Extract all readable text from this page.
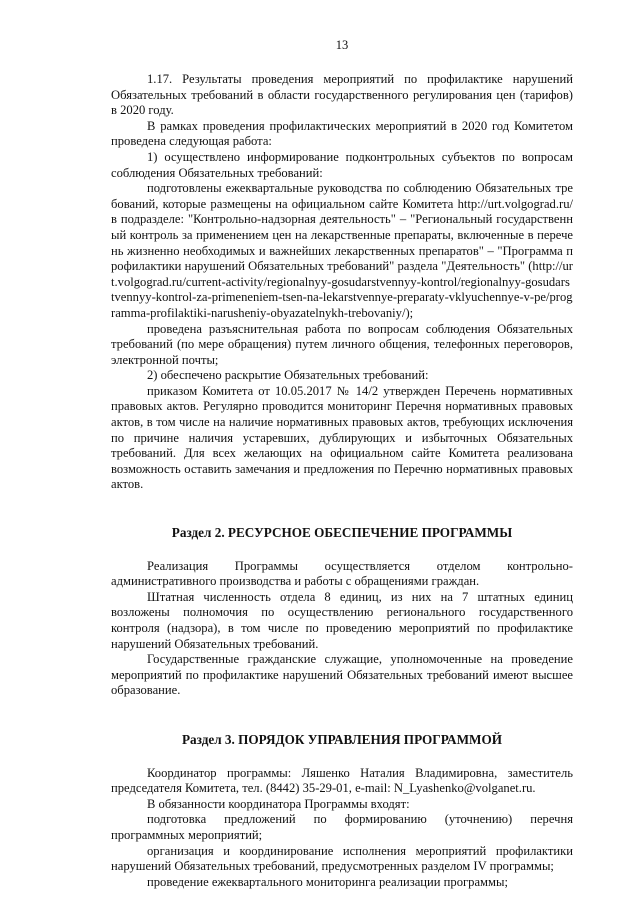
13

1.17. Результаты проведения мероприятий по профилактике нарушений Обязательных требований в области государственного регулирования цен (тарифов) в 2020 году.

В рамках проведения профилактических мероприятий в 2020 год Комитетом проведена следующая работа:

1) осуществлено информирование подконтрольных субъектов по вопросам соблюдения Обязательных требований:

подготовлены ежеквартальные руководства по соблюдению Обязательных требований, которые размещены на официальном сайте Комитета http://urt.volgograd.ru/ в подразделе: "Контрольно-надзорная деятельность" – "Региональный государственный контроль за применением цен на лекарственные препараты, включенные в перечень жизненно необходимых и важнейших лекарственных препаратов" – "Программа профилактики нарушений Обязательных требований" раздела "Деятельность" (http://urt.volgograd.ru/current-activity/regionalnyy-gosudarstvennyy-kontrol/regionalnyy-gosudarstvennyy-kontrol-za-primeneniem-tsen-na-lekarstvennye-preparaty-vklyuchennye-v-pe/programma-profilaktiki-narusheniy-obyazatelnykh-trebovaniy/);

проведена разъяснительная работа по вопросам соблюдения Обязательных требований (по мере обращения) путем личного общения, телефонных переговоров, электронной почты;

2) обеспечено раскрытие Обязательных требований:

приказом Комитета от 10.05.2017 № 14/2 утвержден Перечень нормативных правовых актов. Регулярно проводится мониторинг Перечня нормативных правовых актов, в том числе на наличие нормативных правовых актов, требующих исключения по причине наличия устаревших, дублирующих и избыточных Обязательных требований. Для всех желающих на официальном сайте Комитета реализована возможность оставить замечания и предложения по Перечню нормативных правовых актов.

Раздел 2. РЕСУРСНОЕ ОБЕСПЕЧЕНИЕ ПРОГРАММЫ

Реализация Программы осуществляется отделом контрольно-административного производства и работы с обращениями граждан.

Штатная численность отдела 8 единиц, из них на 7 штатных единиц возложены полномочия по осуществлению регионального государственного контроля (надзора), в том числе по проведению мероприятий по профилактике нарушений Обязательных требований.

Государственные гражданские служащие, уполномоченные на проведение мероприятий по профилактике нарушений Обязательных требований имеют высшее образование.

Раздел 3. ПОРЯДОК УПРАВЛЕНИЯ ПРОГРАММОЙ

Координатор программы: Ляшенко Наталия Владимировна, заместитель председателя Комитета, тел. (8442) 35-29-01, e-mail: N_Lyashenko@volganet.ru.

В обязанности координатора Программы входят:

подготовка предложений по формированию (уточнению) перечня программных мероприятий;

организация и координирование исполнения мероприятий профилактики нарушений Обязательных требований, предусмотренных разделом IV программы;

проведение ежеквартального мониторинга реализации программы;
